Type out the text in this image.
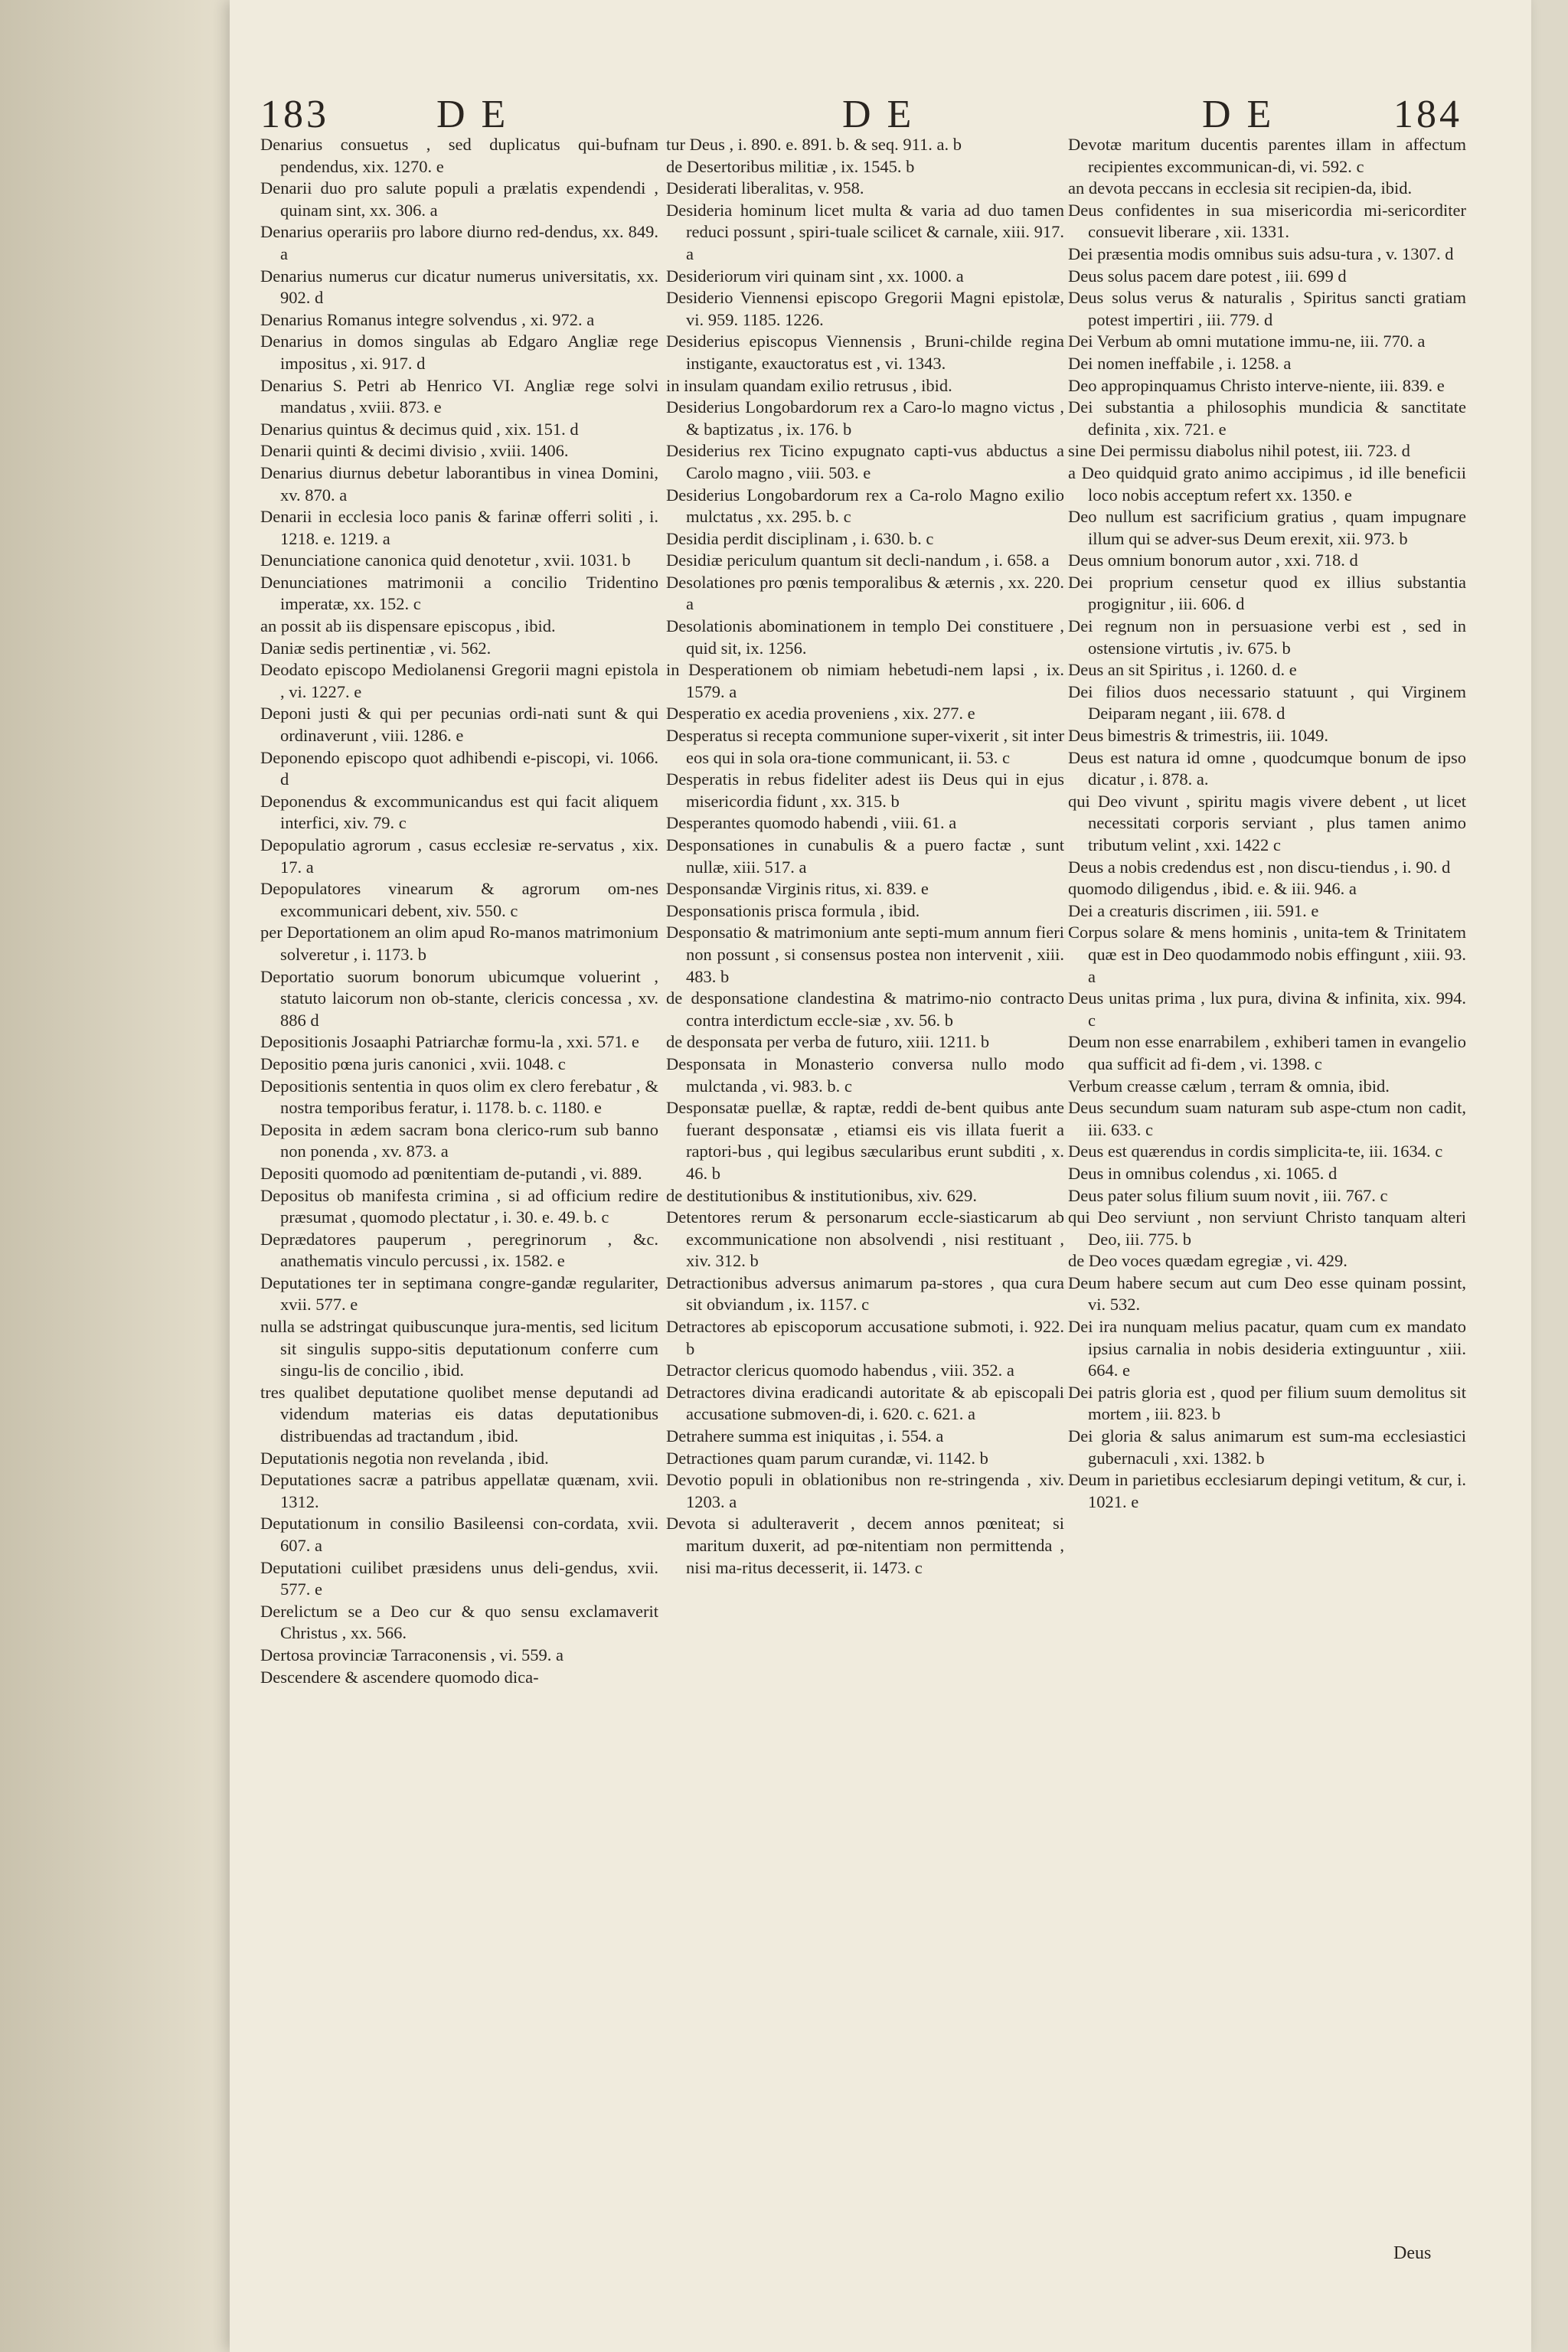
183	D E	D E	D E	184

Denarius consuetus , sed duplicatus qui-bufnam pendendus, xix. 1270. e

Denarii duo pro salute populi a prælatis expendendi , quinam sint, xx. 306. a

Denarius operariis pro labore diurno red-dendus, xx. 849. a

Denarius numerus cur dicatur numerus universitatis, xx. 902. d

Denarius Romanus integre solvendus , xi. 972. a

Denarius in domos singulas ab Edgaro Angliæ rege impositus , xi. 917. d

Denarius S. Petri ab Henrico VI. Angliæ rege solvi mandatus , xviii. 873. e

Denarius quintus & decimus quid , xix. 151. d

Denarii quinti & decimi divisio , xviii. 1406.

Denarius diurnus debetur laborantibus in vinea Domini, xv. 870. a

Denarii in ecclesia loco panis & farinæ offerri soliti , i. 1218. e. 1219. a

Denunciatione canonica quid denotetur , xvii. 1031. b

Denunciationes matrimonii a concilio Tridentino imperatæ, xx. 152. c

an possit ab iis dispensare episcopus , ibid.

Daniæ sedis pertinentiæ , vi. 562.

Deodato episcopo Mediolanensi Gregorii magni epistola , vi. 1227. e

Deponi justi & qui per pecunias ordi-nati sunt & qui ordinaverunt , viii. 1286. e

Deponendo episcopo quot adhibendi e-piscopi, vi. 1066. d

Deponendus & excommunicandus est qui facit aliquem interfici, xiv. 79. c

Depopulatio agrorum , casus ecclesiæ re-servatus , xix. 17. a

Depopulatores vinearum & agrorum om-nes excommunicari debent, xiv. 550. c

per Deportationem an olim apud Ro-manos matrimonium solveretur , i. 1173. b

Deportatio suorum bonorum ubicumque voluerint , statuto laicorum non ob-stante, clericis concessa , xv. 886 d

Depositionis Josaaphi Patriarchæ formu-la , xxi. 571. e

Depositio pœna juris canonici , xvii. 1048. c

Depositionis sententia in quos olim ex clero ferebatur , & nostra temporibus feratur, i. 1178. b. c. 1180. e

Deposita in ædem sacram bona clerico-rum sub banno non ponenda , xv. 873. a

Depositi quomodo ad pœnitentiam de-putandi , vi. 889.

Depositus ob manifesta crimina , si ad officium redire præsumat , quomodo plectatur , i. 30. e. 49. b. c

Deprædatores pauperum , peregrinorum , &c. anathematis vinculo percussi , ix. 1582. e

Deputationes ter in septimana congre-gandæ regulariter, xvii. 577. e

nulla se adstringat quibuscunque jura-mentis, sed licitum sit singulis suppo-sitis deputationum conferre cum singu-lis de concilio , ibid.

tres qualibet deputatione quolibet mense deputandi ad videndum materias eis datas deputationibus distribuendas ad tractandum , ibid.

Deputationis negotia non revelanda , ibid.

Deputationes sacræ a patribus appellatæ quænam, xvii. 1312.

Deputationum in consilio Basileensi con-cordata, xvii. 607. a

Deputationi cuilibet præsidens unus deli-gendus, xvii. 577. e

Derelictum se a Deo cur & quo sensu exclamaverit Christus , xx. 566.

Dertosa provinciæ Tarraconensis , vi. 559. a

Descendere & ascendere quomodo dica-

tur Deus , i. 890. e. 891. b. & seq. 911. a. b

de Desertoribus militiæ , ix. 1545. b

Desiderati liberalitas, v. 958.

Desideria hominum licet multa & varia ad duo tamen reduci possunt , spiri-tuale scilicet & carnale, xiii. 917. a

Desideriorum viri quinam sint , xx. 1000. a

Desiderio Viennensi episcopo Gregorii Magni epistolæ, vi. 959. 1185. 1226.

Desiderius episcopus Viennensis , Bruni-childe regina instigante, exauctoratus est , vi. 1343.

in insulam quandam exilio retrusus , ibid.

Desiderius Longobardorum rex a Caro-lo magno victus , & baptizatus , ix. 176. b

Desiderius rex Ticino expugnato capti-vus abductus a Carolo magno , viii. 503. e

Desiderius Longobardorum rex a Ca-rolo Magno exilio mulctatus , xx. 295. b. c

Desidia perdit disciplinam , i. 630. b. c

Desidiæ periculum quantum sit decli-nandum , i. 658. a

Desolationes pro pœnis temporalibus & æternis , xx. 220. a

Desolationis abominationem in templo Dei constituere , quid sit, ix. 1256.

in Desperationem ob nimiam hebetudi-nem lapsi , ix. 1579. a

Desperatio ex acedia proveniens , xix. 277. e

Desperatus si recepta communione super-vixerit , sit inter eos qui in sola ora-tione communicant, ii. 53. c

Desperatis in rebus fideliter adest iis Deus qui in ejus misericordia fidunt , xx. 315. b

Desperantes quomodo habendi , viii. 61. a

Desponsationes in cunabulis & a puero factæ , sunt nullæ, xiii. 517. a

Desponsandæ Virginis ritus, xi. 839. e

Desponsationis prisca formula , ibid.

Desponsatio & matrimonium ante septi-mum annum fieri non possunt , si consensus postea non intervenit , xiii. 483. b

de desponsatione clandestina & matrimo-nio contracto contra interdictum eccle-siæ , xv. 56. b

de desponsata per verba de futuro, xiii. 1211. b

Desponsata in Monasterio conversa nullo modo mulctanda , vi. 983. b. c

Desponsatæ puellæ, & raptæ, reddi de-bent quibus ante fuerant desponsatæ , etiamsi eis vis illata fuerit a raptori-bus , qui legibus sæcularibus erunt subditi , x. 46. b

de destitutionibus & institutionibus, xiv. 629.

Detentores rerum & personarum eccle-siasticarum ab excommunicatione non absolvendi , nisi restituant , xiv. 312. b

Detractionibus adversus animarum pa-stores , qua cura sit obviandum , ix. 1157. c

Detractores ab episcoporum accusatione submoti, i. 922. b

Detractor clericus quomodo habendus , viii. 352. a

Detractores divina eradicandi autoritate & ab episcopali accusatione submoven-di, i. 620. c. 621. a

Detrahere summa est iniquitas , i. 554. a

Detractiones quam parum curandæ, vi. 1142. b

Devotio populi in oblationibus non re-stringenda , xiv. 1203. a

Devota si adulteraverit , decem annos pœniteat; si maritum duxerit, ad pœ-nitentiam non permittenda , nisi ma-ritus decesserit, ii. 1473. c

Devotæ maritum ducentis parentes illam in affectum recipientes excommunican-di, vi. 592. c

an devota peccans in ecclesia sit recipien-da, ibid.

Deus confidentes in sua misericordia mi-sericorditer consuevit liberare , xii. 1331.

Dei præsentia modis omnibus suis adsu-tura , v. 1307. d

Deus solus pacem dare potest , iii. 699 d

Deus solus verus & naturalis , Spiritus sancti gratiam potest impertiri , iii. 779. d

Dei Verbum ab omni mutatione immu-ne, iii. 770. a

Dei nomen ineffabile , i. 1258. a

Deo appropinquamus Christo interve-niente, iii. 839. e

Dei substantia a philosophis mundicia & sanctitate definita , xix. 721. e

sine Dei permissu diabolus nihil potest, iii. 723. d

a Deo quidquid grato animo accipimus , id ille beneficii loco nobis acceptum refert xx. 1350. e

Deo nullum est sacrificium gratius , quam impugnare illum qui se adver-sus Deum erexit, xii. 973. b

Deus omnium bonorum autor , xxi. 718. d

Dei proprium censetur quod ex illius substantia progignitur , iii. 606. d

Dei regnum non in persuasione verbi est , sed in ostensione virtutis , iv. 675. b

Deus an sit Spiritus , i. 1260. d. e

Dei filios duos necessario statuunt , qui Virginem Deiparam negant , iii. 678. d

Deus bimestris & trimestris, iii. 1049.

Deus est natura id omne , quodcumque bonum de ipso dicatur , i. 878. a.

qui Deo vivunt , spiritu magis vivere debent , ut licet necessitati corporis serviant , plus tamen animo tributum velint , xxi. 1422 c

Deus a nobis credendus est , non discu-tiendus , i. 90. d

quomodo diligendus , ibid. e. & iii. 946. a

Dei a creaturis discrimen , iii. 591. e

Corpus solare & mens hominis , unita-tem & Trinitatem quæ est in Deo quodammodo nobis effingunt , xiii. 93. a

Deus unitas prima , lux pura, divina & infinita, xix. 994. c

Deum non esse enarrabilem , exhiberi tamen in evangelio qua sufficit ad fi-dem , vi. 1398. c

Verbum creasse cælum , terram & omnia, ibid.

Deus secundum suam naturam sub aspe-ctum non cadit, iii. 633. c

Deus est quærendus in cordis simplicita-te, iii. 1634. c

Deus in omnibus colendus , xi. 1065. d

Deus pater solus filium suum novit , iii. 767. c

qui Deo serviunt , non serviunt Christo tanquam alteri Deo, iii. 775. b

de Deo voces quædam egregiæ , vi. 429.

Deum habere secum aut cum Deo esse quinam possint, vi. 532.

Dei ira nunquam melius pacatur, quam cum ex mandato ipsius carnalia in nobis desideria extinguuntur , xiii. 664. e

Dei patris gloria est , quod per filium suum demolitus sit mortem , iii. 823. b

Dei gloria & salus animarum est sum-ma ecclesiastici gubernaculi , xxi. 1382. b

Deum in parietibus ecclesiarum depingi vetitum, & cur, i. 1021. e

Deus
